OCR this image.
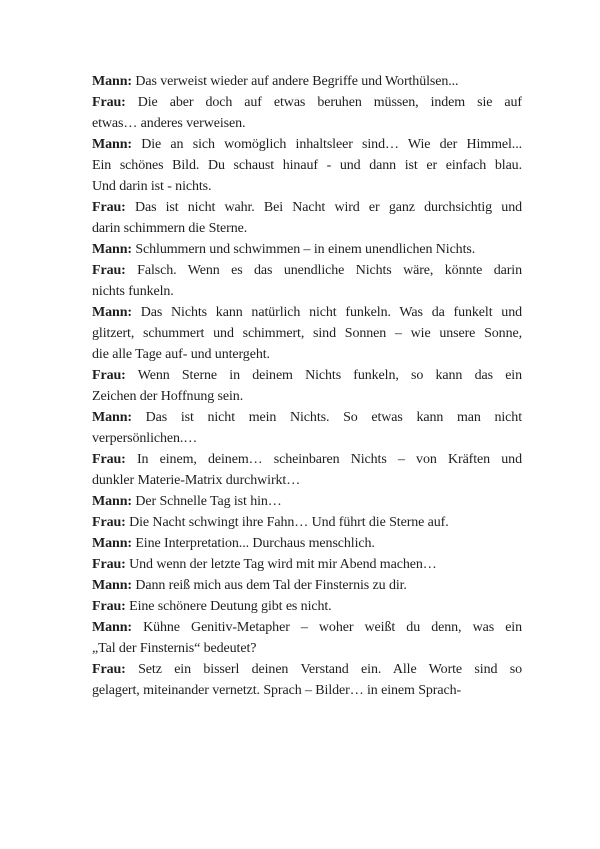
Mann: Das verweist wieder auf andere Begriffe und Worthülsen...
Frau: Die aber doch auf etwas beruhen müssen, indem sie auf
etwas… anderes verweisen.
Mann: Die an sich womöglich inhaltsleer sind… Wie der Himmel...
Ein schönes Bild. Du schaust hinauf - und dann ist er einfach blau.
Und darin ist - nichts.
Frau: Das ist nicht wahr. Bei Nacht wird er ganz durchsichtig und
darin schimmern die Sterne.
Mann: Schlummern und schwimmen – in einem unendlichen Nichts.
Frau: Falsch. Wenn es das unendliche Nichts wäre, könnte darin
nichts funkeln.
Mann: Das Nichts kann natürlich nicht funkeln. Was da funkelt und
glitzert, schummert und schimmert, sind Sonnen – wie unsere Sonne,
die alle Tage auf- und untergeht.
Frau: Wenn Sterne in deinem Nichts funkeln, so kann das ein
Zeichen der Hoffnung sein.
Mann: Das ist nicht mein Nichts. So etwas kann man nicht
verpersönlichen.…
Frau: In einem, deinem… scheinbaren Nichts – von Kräften und
dunkler Materie-Matrix durchwirkt…
Mann: Der Schnelle Tag ist hin…
Frau: Die Nacht schwingt ihre Fahn… Und führt die Sterne auf.
Mann: Eine Interpretation... Durchaus menschlich.
Frau: Und wenn der letzte Tag wird mit mir Abend machen…
Mann: Dann reiß mich aus dem Tal der Finsternis zu dir.
Frau: Eine schönere Deutung gibt es nicht.
Mann: Kühne Genitiv-Metapher – woher weißt du denn, was ein
„Tal der Finsternis“ bedeutet?
Frau: Setz ein bisserl deinen Verstand ein. Alle Worte sind so
gelagert, miteinander vernetzt. Sprach – Bilder… in einem Sprach-
